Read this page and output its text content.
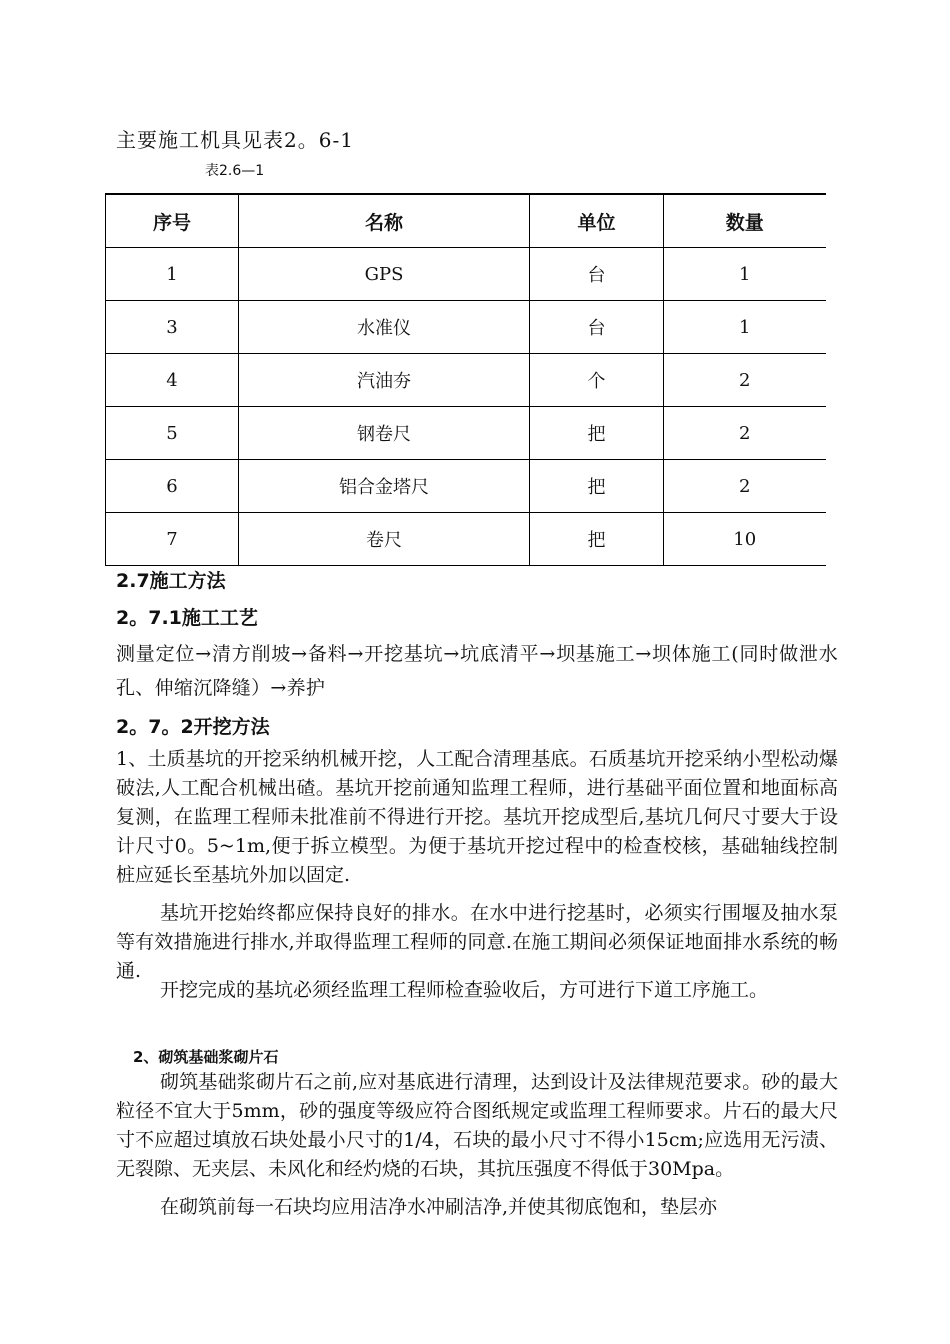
主要施工机具见表2。6-1
表2.6—1
序号	名称	单位	数量
1	GPS	台	1
3	水准仪	台	1
4	汽油夯	个	2
5	钢卷尺	把	2
6	铝合金塔尺	把	2
7	卷尺	把	10
2.7施工方法
2。7.1施工工艺

测量定位→清方削坡→备料→开挖基坑→坑底清平→坝基施工→坝体施工(同时做泄水孔、伸缩沉降缝）→养护

2。7。2开挖方法

1、土质基坑的开挖采纳机械开挖，人工配合清理基底。石质基坑开挖采纳小型松动爆破法,人工配合机械出碴。基坑开挖前通知监理工程师，进行基础平面位置和地面标高复测，在监理工程师未批准前不得进行开挖。基坑开挖成型后,基坑几何尺寸要大于设计尺寸0。5~1m,便于拆立模型。为便于基坑开挖过程中的检查校核，基础轴线控制桩应延长至基坑外加以固定.

基坑开挖始终都应保持良好的排水。在水中进行挖基时，必须实行围堰及抽水泵等有效措施进行排水,并取得监理工程师的同意.在施工期间必须保证地面排水系统的畅通.

开挖完成的基坑必须经监理工程师检查验收后，方可进行下道工序施工。

2、砌筑基础浆砌片石

砌筑基础浆砌片石之前,应对基底进行清理，达到设计及法律规范要求。砂的最大粒径不宜大于5mm，砂的强度等级应符合图纸规定或监理工程师要求。片石的最大尺寸不应超过填放石块处最小尺寸的1/4，石块的最小尺寸不得小15cm;应选用无污渍、无裂隙、无夹层、未风化和经灼烧的石块，其抗压强度不得低于30Mpa。

在砌筑前每一石块均应用洁净水冲刷洁净,并使其彻底饱和，垫层亦
